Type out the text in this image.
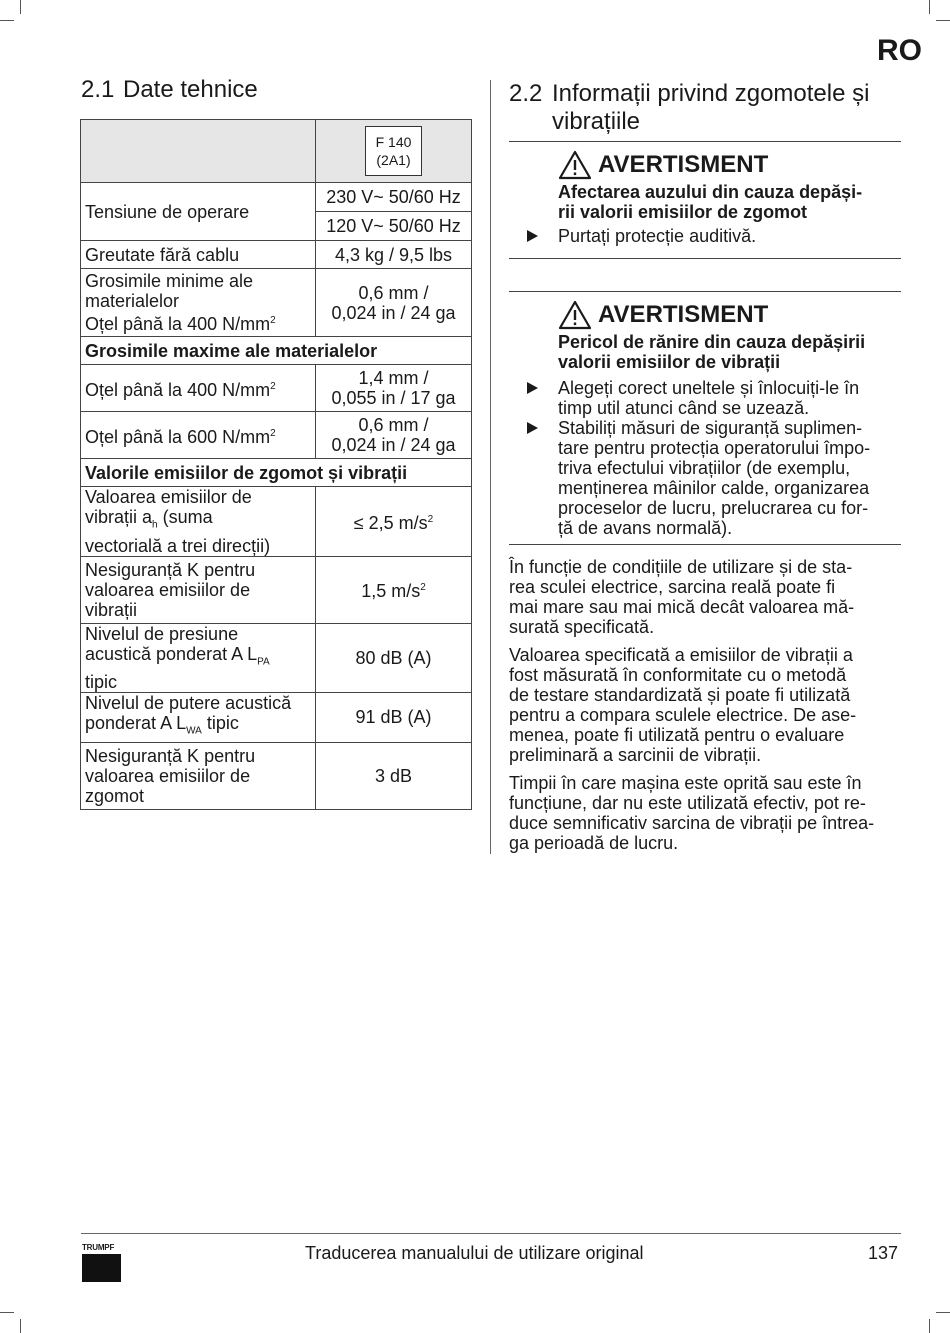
RO
2.1 Date tehnice
	F 140
(2A1)
Tensiune de operare	230 V~ 50/60 Hz
	120 V~ 50/60 Hz
Greutate fără cablu	4,3 kg / 9,5 lbs
Grosimile minime ale
materialelor
Oțel până la 400 $N/mm^2$	0,6 mm /
0,024 in / 24 ga
Grosimile maxime ale materialelor	
Oțel până la 400 $N/mm^2$	1,4 mm /
0,055 in / 17 ga
Oțel până la 600 $N/mm^2$	0,6 mm /
0,024 in / 24 ga
Valorile emisiilor de zgomot și vibrații	
Valoarea emisiilor de
vibrații $a_h$ (suma
vectorială a trei direcții)	≤ 2,5 $m/s^2$
Nesiguranță K pentru
valoarea emisiilor de
vibrații	1,5 $m/s^2$
Nivelul de presiune
acustică ponderat A $L_{PA}$
tipic	80 dB (A)
Nivelul de putere acustică
ponderat A $L_{WA}$ tipic	91 dB (A)
Nesiguranță K pentru
valoarea emisiilor de
zgomot	3 dB
2.2 Informații privind zgomotele și
vibrațiile
AVERTISMENT
Afectarea auzului din cauza depăși-
rii valorii emisiilor de zgomot
Purtați protecție auditivă.
AVERTISMENT
Pericol de rănire din cauza depășirii
valorii emisiilor de vibrații
Alegeți corect uneltele și înlocuiți-le în
timp util atunci când se uzează.
Stabiliți măsuri de siguranță suplimen-
tare pentru protecția operatorului împo-
triva efectului vibrațiilor (de exemplu,
menținerea mâinilor calde, organizarea
proceselor de lucru, prelucrarea cu for-
ță de avans normală).

În funcție de condițiile de utilizare și de sta-
rea sculei electrice, sarcina reală poate fi
mai mare sau mai mică decât valoarea mă-
surată specificată.

Valoarea specificată a emisiilor de vibrații a
fost măsurată în conformitate cu o metodă
de testare standardizată și poate fi utilizată
pentru a compara sculele electrice. De ase-
menea, poate fi utilizată pentru o evaluare
preliminară a sarcinii de vibrații.

Timpii în care mașina este oprită sau este în
funcțiune, dar nu este utilizată efectiv, pot re-
duce semnificativ sarcina de vibrații pe întrea-
ga perioadă de lucru.

TRUMPF	Traducerea manualului de utilizare original	137
